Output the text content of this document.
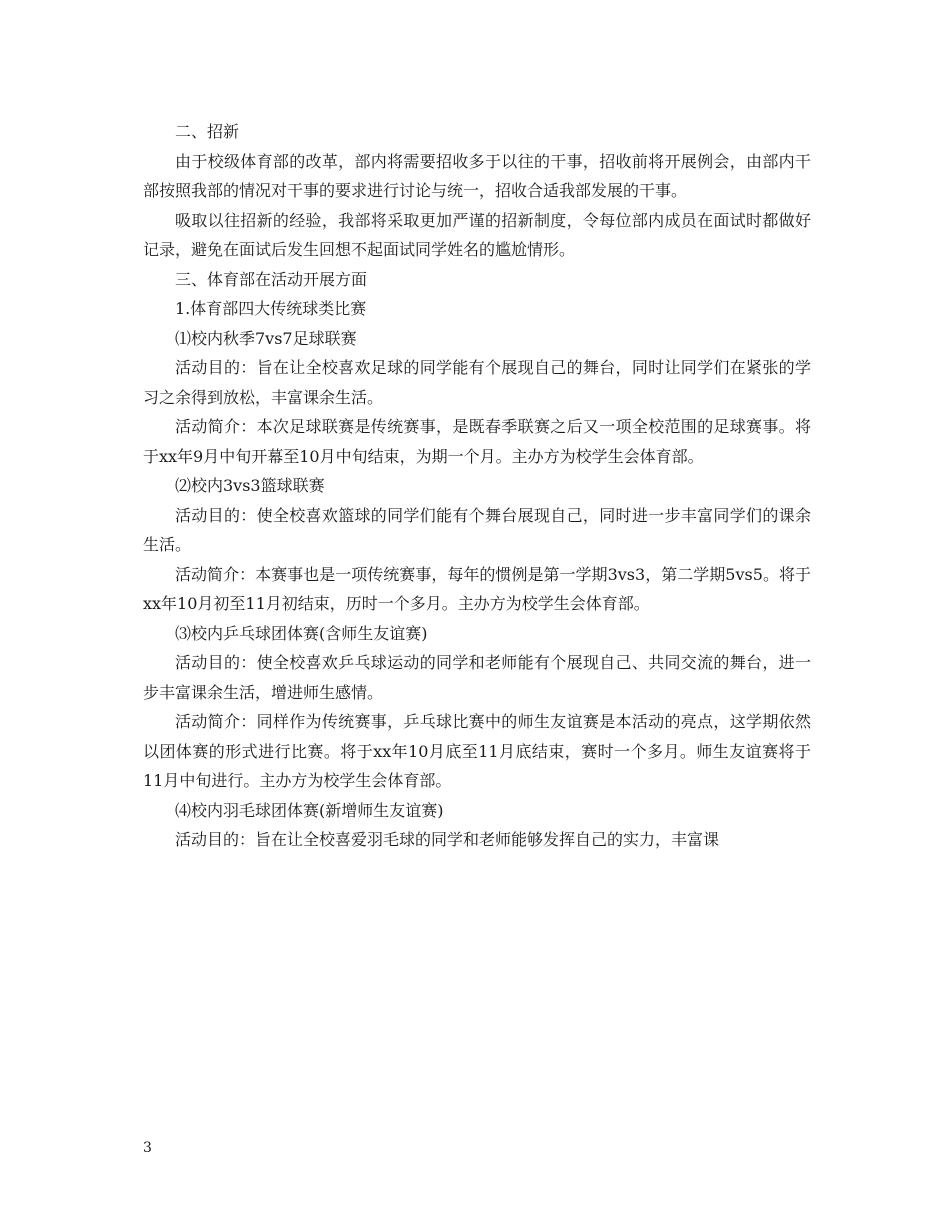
二、招新

由于校级体育部的改革，部内将需要招收多于以往的干事，招收前将开展例会，由部内干部按照我部的情况对干事的要求进行讨论与统一，招收合适我部发展的干事。

吸取以往招新的经验，我部将采取更加严谨的招新制度，令每位部内成员在面试时都做好记录，避免在面试后发生回想不起面试同学姓名的尴尬情形。

三、体育部在活动开展方面

1.体育部四大传统球类比赛

⑴校内秋季7vs7足球联赛

活动目的：旨在让全校喜欢足球的同学能有个展现自己的舞台，同时让同学们在紧张的学习之余得到放松，丰富课余生活。

活动简介：本次足球联赛是传统赛事，是既春季联赛之后又一项全校范围的足球赛事。将于xx年9月中旬开幕至10月中旬结束，为期一个月。主办方为校学生会体育部。

⑵校内3vs3篮球联赛

活动目的：使全校喜欢篮球的同学们能有个舞台展现自己，同时进一步丰富同学们的课余生活。

活动简介：本赛事也是一项传统赛事，每年的惯例是第一学期3vs3，第二学期5vs5。将于xx年10月初至11月初结束，历时一个多月。主办方为校学生会体育部。

⑶校内乒乓球团体赛(含师生友谊赛)

活动目的：使全校喜欢乒乓球运动的同学和老师能有个展现自己、共同交流的舞台，进一步丰富课余生活，增进师生感情。

活动简介：同样作为传统赛事，乒乓球比赛中的师生友谊赛是本活动的亮点，这学期依然以团体赛的形式进行比赛。将于xx年10月底至11月底结束，赛时一个多月。师生友谊赛将于11月中旬进行。主办方为校学生会体育部。

⑷校内羽毛球团体赛(新增师生友谊赛)

活动目的：旨在让全校喜爱羽毛球的同学和老师能够发挥自己的实力，丰富课

3
